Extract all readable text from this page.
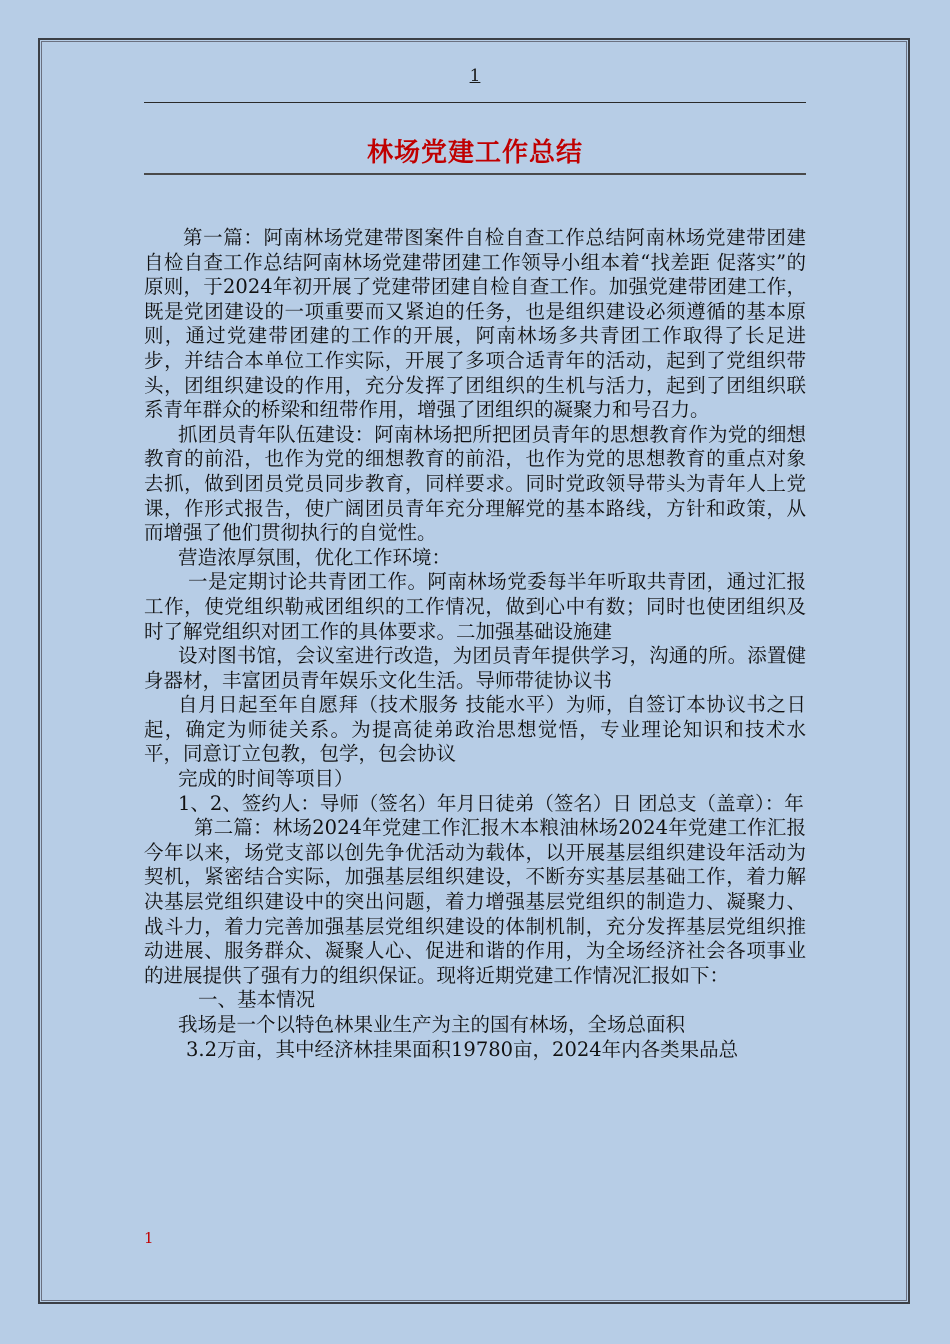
1
林场党建工作总结

第一篇：阿南林场党建带图案件自检自查工作总结阿南林场党建带团建自检自查工作总结阿南林场党建带团建工作领导小组本着“找差距 促落实”的原则，于2024年初开展了党建带团建自检自查工作。加强党建带团建工作，既是党团建设的一项重要而又紧迫的任务，也是组织建设必须遵循的基本原则，通过党建带团建的工作的开展，阿南林场多共青团工作取得了长足进步，并结合本单位工作实际，开展了多项合适青年的活动，起到了党组织带头，团组织建设的作用，充分发挥了团组织的生机与活力，起到了团组织联系青年群众的桥梁和纽带作用，增强了团组织的凝聚力和号召力。

抓团员青年队伍建设：阿南林场把所把团员青年的思想教育作为党的细想教育的前沿，也作为党的细想教育的前沿，也作为党的思想教育的重点对象去抓，做到团员党员同步教育，同样要求。同时党政领导带头为青年人上党课，作形式报告，使广阔团员青年充分理解党的基本路线，方针和政策，从而增强了他们贯彻执行的自觉性。

营造浓厚氛围，优化工作环境：

一是定期讨论共青团工作。阿南林场党委每半年听取共青团，通过汇报工作，使党组织勒戒团组织的工作情况，做到心中有数；同时也使团组织及时了解党组织对团工作的具体要求。二加强基础设施建

设对图书馆，会议室进行改造，为团员青年提供学习，沟通的所。添置健身器材，丰富团员青年娱乐文化生活。导师带徒协议书

自月日起至年自愿拜（技术服务 技能水平）为师，自签订本协议书之日起，确定为师徒关系。为提高徒弟政治思想觉悟，专业理论知识和技术水平，同意订立包教，包学，包会协议

完成的时间等项目）

1、2、签约人：导师（签名）年月日徒弟（签名）日 团总支（盖章）：年

第二篇：林场2024年党建工作汇报木本粮油林场2024年党建工作汇报今年以来，场党支部以创先争优活动为载体，以开展基层组织建设年活动为契机，紧密结合实际，加强基层组织建设，不断夯实基层基础工作，着力解决基层党组织建设中的突出问题，着力增强基层党组织的制造力、凝聚力、战斗力，着力完善加强基层党组织建设的体制机制，充分发挥基层党组织推动进展、服务群众、凝聚人心、促进和谐的作用，为全场经济社会各项事业的进展提供了强有力的组织保证。现将近期党建工作情况汇报如下：

一、基本情况

我场是一个以特色林果业生产为主的国有林场，全场总面积

3.2万亩，其中经济林挂果面积19780亩，2024年内各类果品总

1
